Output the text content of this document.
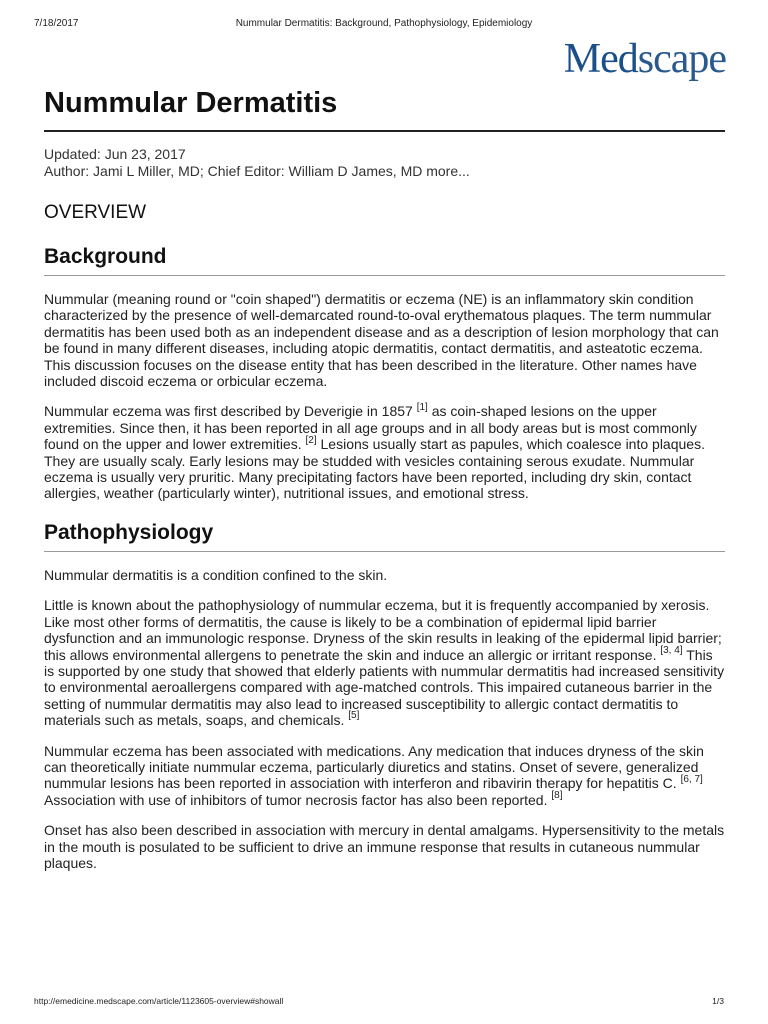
7/18/2017	Nummular Dermatitis: Background, Pathophysiology, Epidemiology
Medscape
Nummular Dermatitis
Updated: Jun 23, 2017
Author: Jami L Miller, MD; Chief Editor: William D James, MD more...
OVERVIEW
Background

Nummular (meaning round or "coin shaped") dermatitis or eczema (NE) is an inflammatory skin condition characterized by the presence of well-demarcated round-to-oval erythematous plaques. The term nummular dermatitis has been used both as an independent disease and as a description of lesion morphology that can be found in many different diseases, including atopic dermatitis, contact dermatitis, and asteatotic eczema. This discussion focuses on the disease entity that has been described in the literature. Other names have included discoid eczema or orbicular eczema.

Nummular eczema was first described by Deverigie in 1857 [1] as coin-shaped lesions on the upper extremities. Since then, it has been reported in all age groups and in all body areas but is most commonly found on the upper and lower extremities. [2] Lesions usually start as papules, which coalesce into plaques. They are usually scaly. Early lesions may be studded with vesicles containing serous exudate. Nummular eczema is usually very pruritic. Many precipitating factors have been reported, including dry skin, contact allergies, weather (particularly winter), nutritional issues, and emotional stress.

Pathophysiology

Nummular dermatitis is a condition confined to the skin.

Little is known about the pathophysiology of nummular eczema, but it is frequently accompanied by xerosis. Like most other forms of dermatitis, the cause is likely to be a combination of epidermal lipid barrier dysfunction and an immunologic response. Dryness of the skin results in leaking of the epidermal lipid barrier; this allows environmental allergens to penetrate the skin and induce an allergic or irritant response. [3, 4] This is supported by one study that showed that elderly patients with nummular dermatitis had increased sensitivity to environmental aeroallergens compared with age-matched controls. This impaired cutaneous barrier in the setting of nummular dermatitis may also lead to increased susceptibility to allergic contact dermatitis to materials such as metals, soaps, and chemicals. [5]

Nummular eczema has been associated with medications. Any medication that induces dryness of the skin can theoretically initiate nummular eczema, particularly diuretics and statins. Onset of severe, generalized nummular lesions has been reported in association with interferon and ribavirin therapy for hepatitis C. [6, 7] Association with use of inhibitors of tumor necrosis factor has also been reported. [8]

Onset has also been described in association with mercury in dental amalgams. Hypersensitivity to the metals in the mouth is posulated to be sufficient to drive an immune response that results in cutaneous nummular plaques.

http://emedicine.medscape.com/article/1123605-overview#showall	1/3
